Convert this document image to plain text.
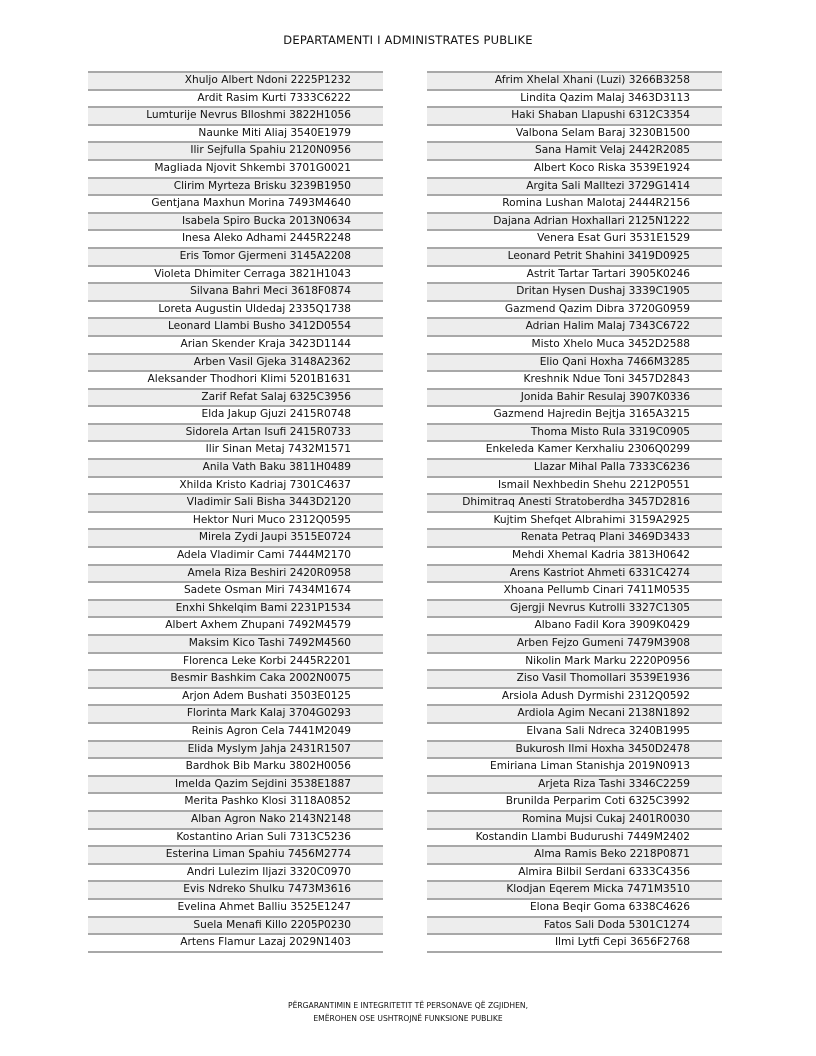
DEPARTAMENTI I ADMINISTRATES PUBLIKE
Xhuljo Albert Ndoni 2225P1232
Ardit Rasim Kurti 7333C6222
Lumturije Nevrus Blloshmi 3822H1056
Naunke Miti Aliaj 3540E1979
Ilir Sejfulla Spahiu 2120N0956
Magliada Njovit Shkembi 3701G0021
Clirim Myrteza Brisku 3239B1950
Gentjana Maxhun Morina 7493M4640
Isabela Spiro Bucka 2013N0634
Inesa Aleko Adhami 2445R2248
Eris Tomor Gjermeni 3145A2208
Violeta Dhimiter Cerraga 3821H1043
Silvana Bahri Meci 3618F0874
Loreta Augustin Uldedaj 2335Q1738
Leonard Llambi Busho 3412D0554
Arian Skender Kraja 3423D1144
Arben Vasil Gjeka 3148A2362
Aleksander Thodhori Klimi 5201B1631
Zarif Refat Salaj 6325C3956
Elda Jakup Gjuzi 2415R0748
Sidorela Artan Isufi 2415R0733
Ilir Sinan Metaj 7432M1571
Anila Vath Baku 3811H0489
Xhilda Kristo Kadriaj 7301C4637
Vladimir Sali Bisha 3443D2120
Hektor Nuri Muco 2312Q0595
Mirela Zydi Jaupi 3515E0724
Adela Vladimir Cami 7444M2170
Amela Riza Beshiri 2420R0958
Sadete Osman Miri 7434M1674
Enxhi Shkelqim Bami 2231P1534
Albert Axhem Zhupani 7492M4579
Maksim Kico Tashi 7492M4560
Florenca Leke Korbi 2445R2201
Besmir Bashkim Caka 2002N0075
Arjon Adem Bushati 3503E0125
Florinta Mark Kalaj 3704G0293
Reinis Agron Cela 7441M2049
Elida Myslym Jahja 2431R1507
Bardhok Bib Marku 3802H0056
Imelda Qazim Sejdini 3538E1887
Merita Pashko Klosi 3118A0852
Alban Agron Nako 2143N2148
Kostantino Arian Suli 7313C5236
Esterina Liman Spahiu 7456M2774
Andri Lulezim Iljazi 3320C0970
Evis Ndreko Shulku 7473M3616
Evelina Ahmet Balliu 3525E1247
Suela Menafi Killo 2205P0230
Artens Flamur Lazaj 2029N1403
Afrim Xhelal Xhani (Luzi) 3266B3258
Lindita Qazim Malaj 3463D3113
Haki Shaban Llapushi 6312C3354
Valbona Selam Baraj 3230B1500
Sana Hamit Velaj 2442R2085
Albert Koco Riska 3539E1924
Argita Sali Malltezi 3729G1414
Romina Lushan Malotaj 2444R2156
Dajana Adrian Hoxhallari 2125N1222
Venera Esat Guri 3531E1529
Leonard Petrit Shahini 3419D0925
Astrit Tartar Tartari 3905K0246
Dritan Hysen Dushaj 3339C1905
Gazmend Qazim Dibra 3720G0959
Adrian Halim Malaj 7343C6722
Misto Xhelo Muca 3452D2588
Elio Qani Hoxha 7466M3285
Kreshnik Ndue Toni 3457D2843
Jonida Bahir Resulaj 3907K0336
Gazmend Hajredin Bejtja 3165A3215
Thoma Misto Rula 3319C0905
Enkeleda Kamer Kerxhaliu 2306Q0299
Llazar Mihal Palla 7333C6236
Ismail Nexhbedin Shehu 2212P0551
Dhimitraq Anesti Stratoberdha 3457D2816
Kujtim Shefqet Albrahimi 3159A2925
Renata Petraq Plani 3469D3433
Mehdi Xhemal Kadria 3813H0642
Arens Kastriot Ahmeti 6331C4274
Xhoana Pellumb Cinari 7411M0535
Gjergji Nevrus Kutrolli 3327C1305
Albano Fadil Kora 3909K0429
Arben Fejzo Gumeni 7479M3908
Nikolin Mark Marku 2220P0956
Ziso Vasil Thomollari 3539E1936
Arsiola Adush Dyrmishi 2312Q0592
Ardiola Agim Necani 2138N1892
Elvana Sali Ndreca 3240B1995
Bukurosh Ilmi Hoxha 3450D2478
Emiriana Liman Stanishja 2019N0913
Arjeta Riza Tashi 3346C2259
Brunilda Perparim Coti 6325C3992
Romina Mujsi Cukaj 2401R0030
Kostandin Llambi Budurushi 7449M2402
Alma Ramis Beko 2218P0871
Almira Bilbil Serdani 6333C4356
Klodjan Eqerem Micka 7471M3510
Elona Beqir Goma 6338C4626
Fatos Sali Doda 5301C1274
Ilmi Lytfi Cepi 3656F2768
PËRGARANTIMIN E INTEGRITETIT TË PERSONAVE QË ZGJIDHEN,
EMËROHEN OSE USHTROJNË FUNKSIONE PUBLIKE
